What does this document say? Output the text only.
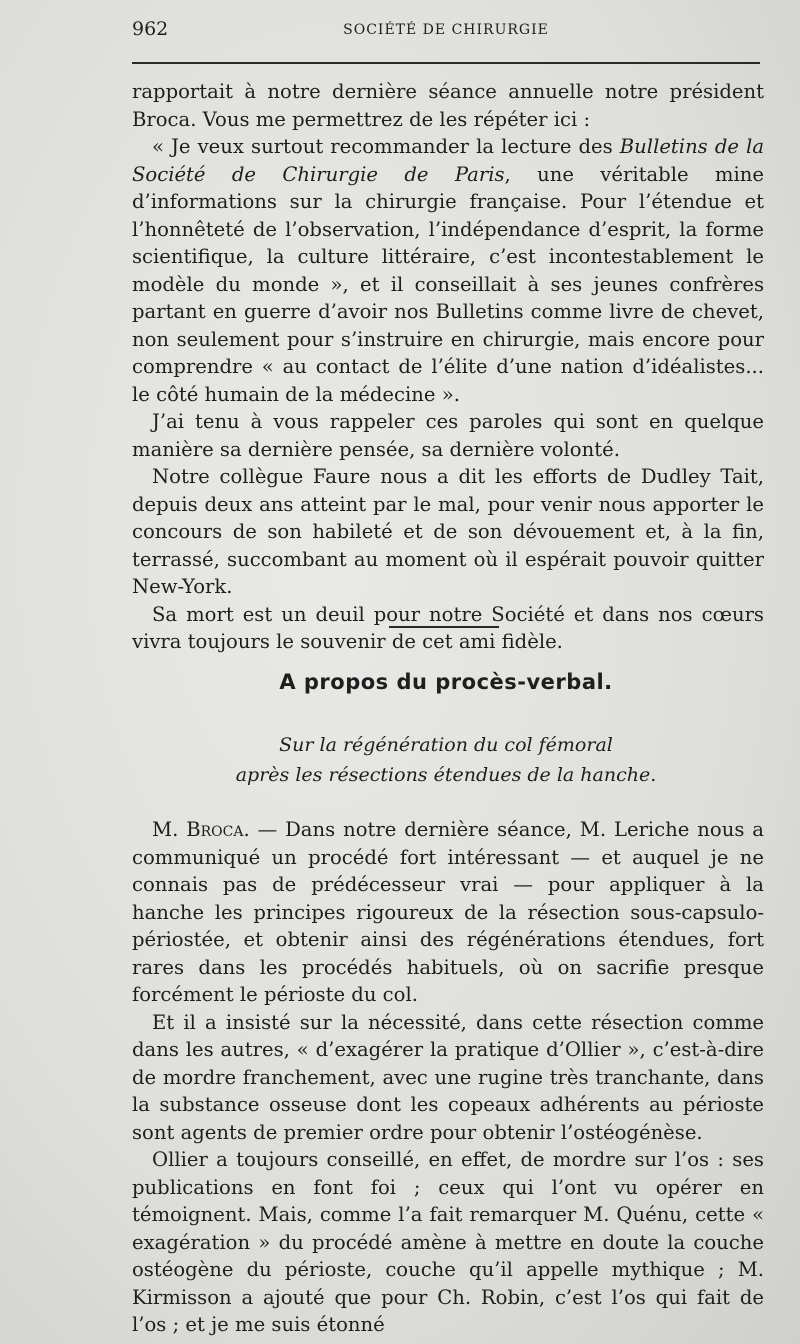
962	SOCIÉTÉ DE CHIRURGIE

rapportait à notre dernière séance annuelle notre président Broca. Vous me permettrez de les répéter ici :

« Je veux surtout recommander la lecture des Bulletins de la Société de Chirurgie de Paris, une véritable mine d’informations sur la chirurgie française. Pour l’étendue et l’honnêteté de l’observation, l’indépendance d’esprit, la forme scientifique, la culture littéraire, c’est incontestablement le modèle du monde », et il conseillait à ses jeunes confrères partant en guerre d’avoir nos Bulletins comme livre de chevet, non seulement pour s’instruire en chirurgie, mais encore pour comprendre « au contact de l’élite d’une nation d’idéalistes... le côté humain de la médecine ».

J’ai tenu à vous rappeler ces paroles qui sont en quelque manière sa dernière pensée, sa dernière volonté.

Notre collègue Faure nous a dit les efforts de Dudley Tait, depuis deux ans atteint par le mal, pour venir nous apporter le concours de son habileté et de son dévouement et, à la fin, terrassé, succombant au moment où il espérait pouvoir quitter New-York.

Sa mort est un deuil pour notre Société et dans nos cœurs vivra toujours le souvenir de cet ami fidèle.

A propos du procès-verbal.
Sur la régénération du col fémoral
après les résections étendues de la hanche.

M. Broca. — Dans notre dernière séance, M. Leriche nous a communiqué un procédé fort intéressant — et auquel je ne connais pas de prédécesseur vrai — pour appliquer à la hanche les principes rigoureux de la résection sous-capsulo-périostée, et obtenir ainsi des régénérations étendues, fort rares dans les procédés habituels, où on sacrifie presque forcément le périoste du col.

Et il a insisté sur la nécessité, dans cette résection comme dans les autres, « d’exagérer la pratique d’Ollier », c’est-à-dire de mordre franchement, avec une rugine très tranchante, dans la substance osseuse dont les copeaux adhérents au périoste sont agents de premier ordre pour obtenir l’ostéogénèse.

Ollier a toujours conseillé, en effet, de mordre sur l’os : ses publications en font foi ; ceux qui l’ont vu opérer en témoignent. Mais, comme l’a fait remarquer M. Quénu, cette « exagération » du procédé amène à mettre en doute la couche ostéogène du périoste, couche qu’il appelle mythique ; M. Kirmisson a ajouté que pour Ch. Robin, c’est l’os qui fait de l’os ; et je me suis étonné
